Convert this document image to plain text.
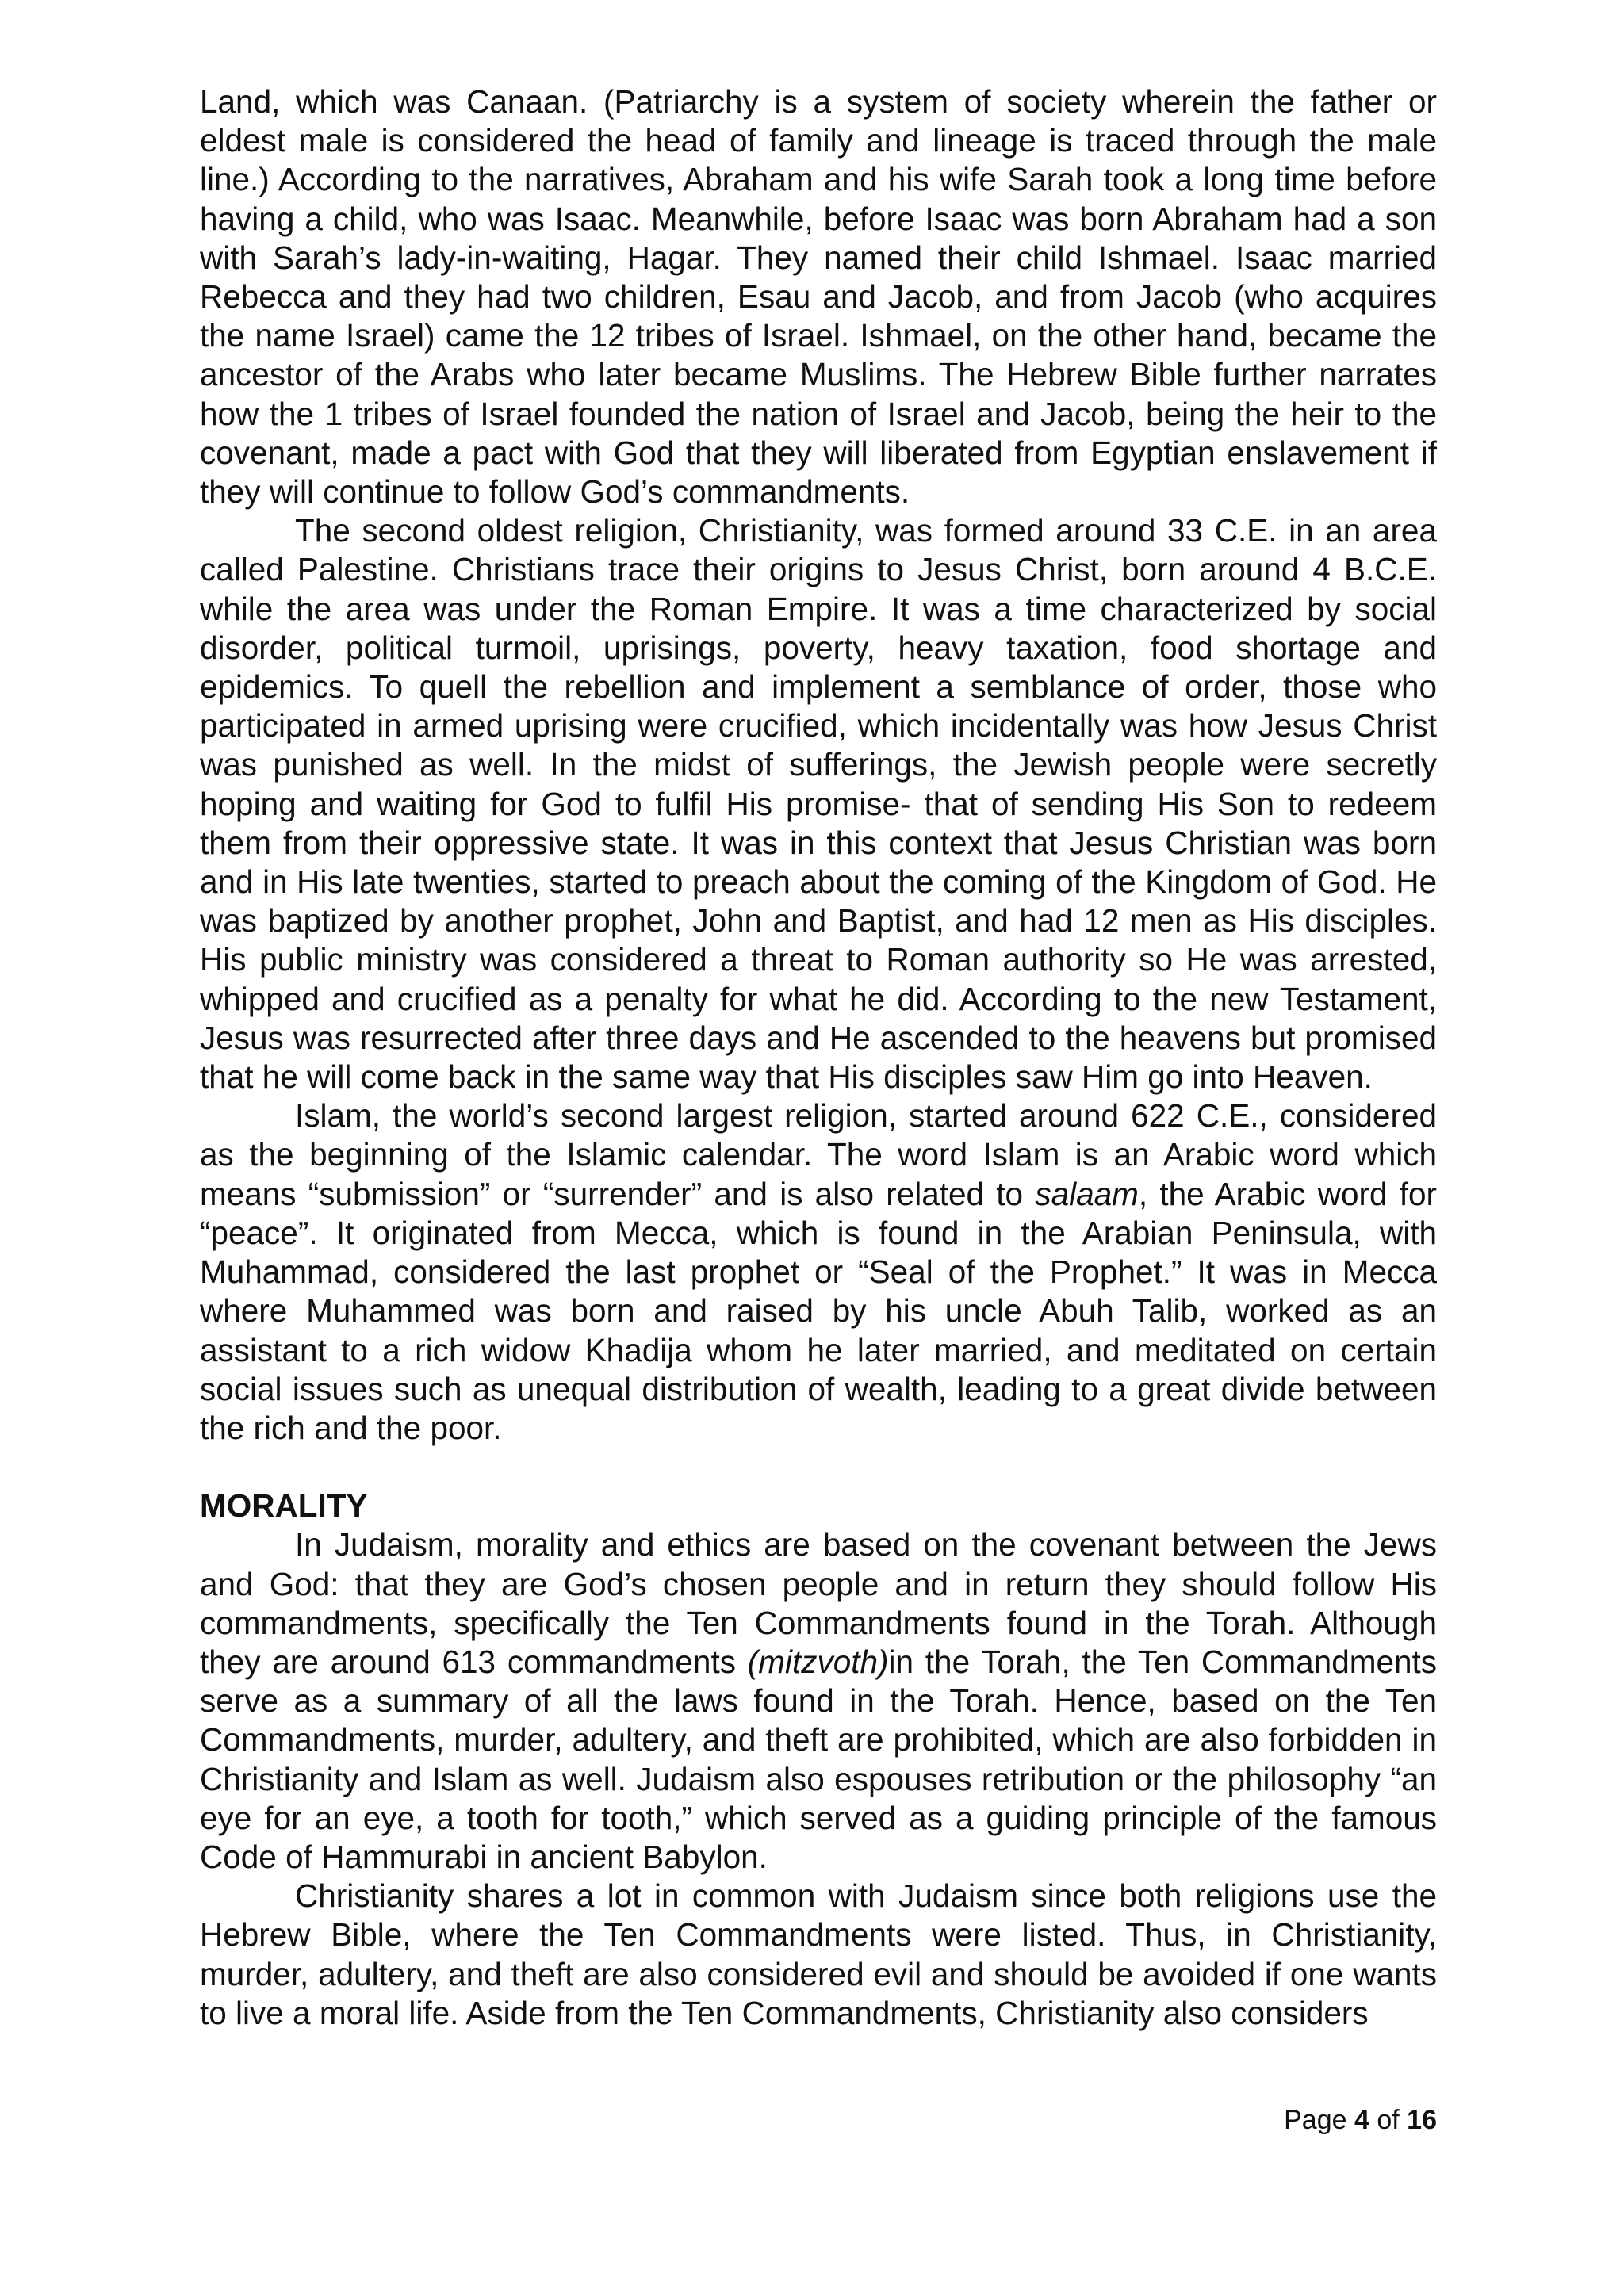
Land, which was Canaan. (Patriarchy is a system of society wherein the father or eldest male is considered the head of family and lineage is traced through the male line.) According to the narratives, Abraham and his wife Sarah took a long time before having a child, who was Isaac. Meanwhile, before Isaac was born Abraham had a son with Sarah’s lady-in-waiting, Hagar. They named their child Ishmael. Isaac married Rebecca and they had two children, Esau and Jacob, and from Jacob (who acquires the name Israel) came the 12 tribes of Israel. Ishmael, on the other hand, became the ancestor of the Arabs who later became Muslims. The Hebrew Bible further narrates how the 1 tribes of Israel founded the nation of Israel and Jacob, being the heir to the covenant, made a pact with God that they will liberated from Egyptian enslavement if they will continue to follow God’s commandments.

The second oldest religion, Christianity, was formed around 33 C.E. in an area called Palestine. Christians trace their origins to Jesus Christ, born around 4 B.C.E. while the area was under the Roman Empire. It was a time characterized by social disorder, political turmoil, uprisings, poverty, heavy taxation, food shortage and epidemics. To quell the rebellion and implement a semblance of order, those who participated in armed uprising were crucified, which incidentally was how Jesus Christ was punished as well. In the midst of sufferings, the Jewish people were secretly hoping and waiting for God to fulfil His promise- that of sending His Son to redeem them from their oppressive state. It was in this context that Jesus Christian was born and in His late twenties, started to preach about the coming of the Kingdom of God. He was baptized by another prophet, John and Baptist, and had 12 men as His disciples. His public ministry was considered a threat to Roman authority so He was arrested, whipped and crucified as a penalty for what he did. According to the new Testament, Jesus was resurrected after three days and He ascended to the heavens but promised that he will come back in the same way that His disciples saw Him go into Heaven.

Islam, the world’s second largest religion, started around 622 C.E., considered as the beginning of the Islamic calendar. The word Islam is an Arabic word which means “submission” or “surrender” and is also related to salaam, the Arabic word for “peace”. It originated from Mecca, which is found in the Arabian Peninsula, with Muhammad, considered the last prophet or “Seal of the Prophet.” It was in Mecca where Muhammed was born and raised by his uncle Abuh Talib, worked as an assistant to a rich widow Khadija whom he later married, and meditated on certain social issues such as unequal distribution of wealth, leading to a great divide between the rich and the poor.

MORALITY

In Judaism, morality and ethics are based on the covenant between the Jews and God: that they are God’s chosen people and in return they should follow His commandments, specifically the Ten Commandments found in the Torah. Although they are around 613 commandments (mitzvoth)in the Torah, the Ten Commandments serve as a summary of all the laws found in the Torah. Hence, based on the Ten Commandments, murder, adultery, and theft are prohibited, which are also forbidden in Christianity and Islam as well. Judaism also espouses retribution or the philosophy “an eye for an eye, a tooth for tooth,” which served as a guiding principle of the famous Code of Hammurabi in ancient Babylon.

Christianity shares a lot in common with Judaism since both religions use the Hebrew Bible, where the Ten Commandments were listed. Thus, in Christianity, murder, adultery, and theft are also considered evil and should be avoided if one wants to live a moral life. Aside from the Ten Commandments, Christianity also considers

Page 4 of 16
